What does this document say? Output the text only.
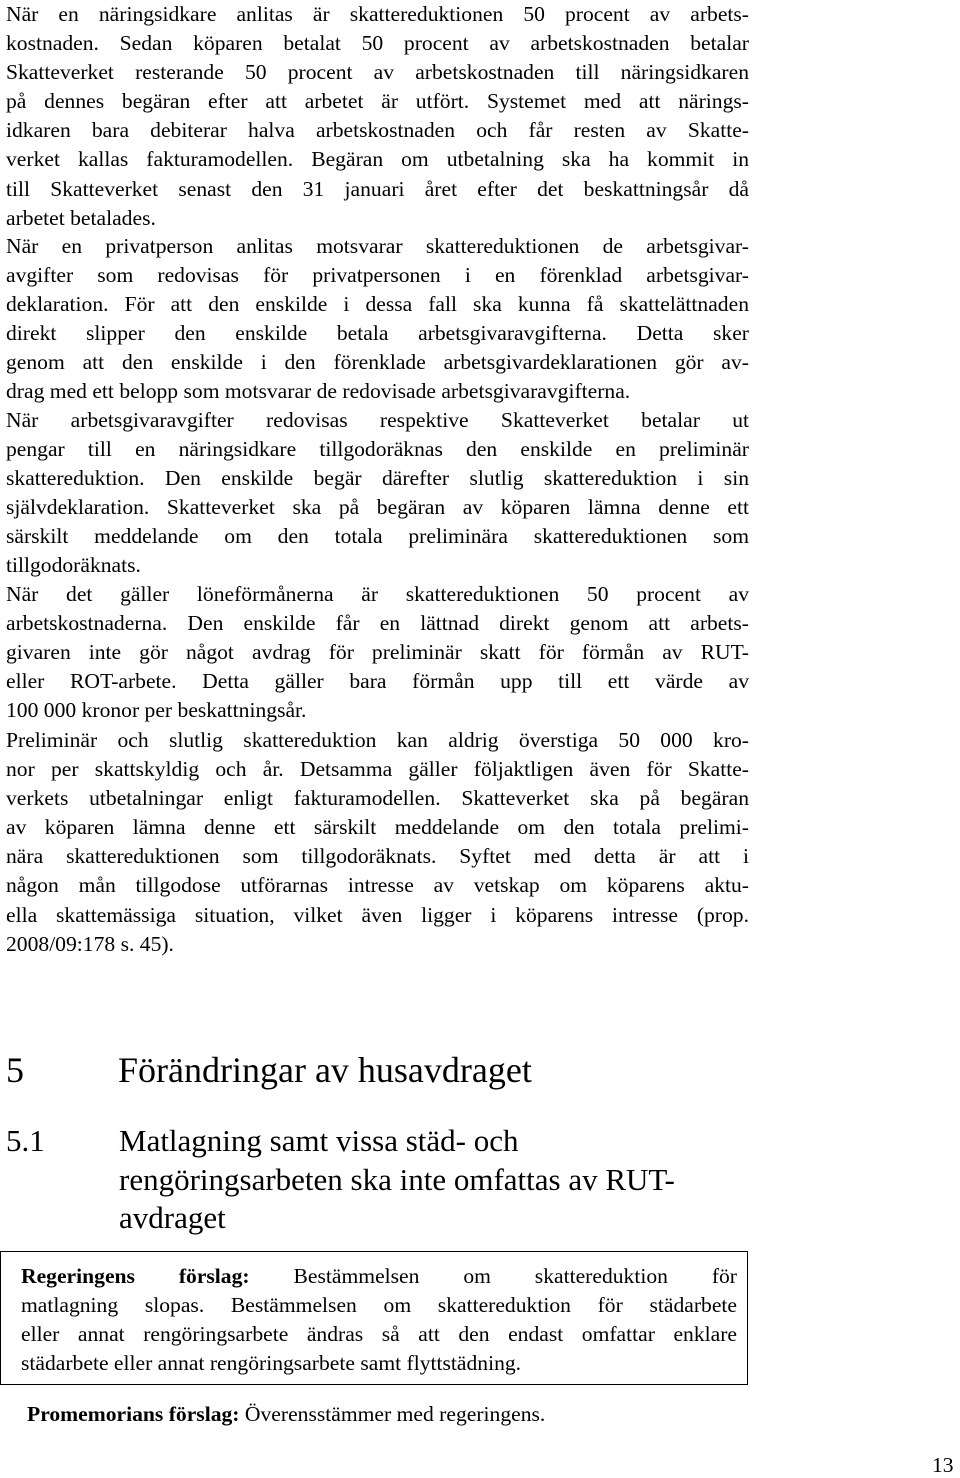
När en näringsidkare anlitas är skattereduktionen 50 procent av arbets-
kostnaden. Sedan köparen betalat 50 procent av arbetskostnaden betalar
Skatteverket resterande 50 procent av arbetskostnaden till näringsidkaren
på dennes begäran efter att arbetet är utfört. Systemet med att närings-
idkaren bara debiterar halva arbetskostnaden och får resten av Skatte-
verket kallas fakturamodellen. Begäran om utbetalning ska ha kommit in
till Skatteverket senast den 31 januari året efter det beskattningsår då
arbetet betalades.
När en privatperson anlitas motsvarar skattereduktionen de arbetsgivar-
avgifter som redovisas för privatpersonen i en förenklad arbetsgivar-
deklaration. För att den enskilde i dessa fall ska kunna få skattelättnaden
direkt slipper den enskilde betala arbetsgivaravgifterna. Detta sker
genom att den enskilde i den förenklade arbetsgivardeklarationen gör av-
drag med ett belopp som motsvarar de redovisade arbetsgivaravgifterna.
När arbetsgivaravgifter redovisas respektive Skatteverket betalar ut
pengar till en näringsidkare tillgodoräknas den enskilde en preliminär
skattereduktion. Den enskilde begär därefter slutlig skattereduktion i sin
självdeklaration. Skatteverket ska på begäran av köparen lämna denne ett
särskilt meddelande om den totala preliminära skattereduktionen som
tillgodoräknats.
När det gäller löneförmånerna är skattereduktionen 50 procent av
arbetskostnaderna. Den enskilde får en lättnad direkt genom att arbets-
givaren inte gör något avdrag för preliminär skatt för förmån av RUT-
eller ROT-arbete. Detta gäller bara förmån upp till ett värde av
100 000 kronor per beskattningsår.
Preliminär och slutlig skattereduktion kan aldrig överstiga 50 000 kro-
nor per skattskyldig och år. Detsamma gäller följaktligen även för Skatte-
verkets utbetalningar enligt fakturamodellen. Skatteverket ska på begäran
av köparen lämna denne ett särskilt meddelande om den totala prelimi-
nära skattereduktionen som tillgodoräknats. Syftet med detta är att i
någon mån tillgodose utförarnas intresse av vetskap om köparens aktu-
ella skattemässiga situation, vilket även ligger i köparens intresse (prop.
2008/09:178 s. 45).
5	Förändringar av husavdraget
5.1 Matlagning samt vissa städ- och
rengöringsarbeten ska inte omfattas av RUT-
avdraget
Regeringens förslag: Bestämmelsen om skattereduktion för
matlagning slopas. Bestämmelsen om skattereduktion för städarbete
eller annat rengöringsarbete ändras så att den endast omfattar enklare
städarbete eller annat rengöringsarbete samt flyttstädning.
Promemorians förslag: Överensstämmer med regeringens.
13
